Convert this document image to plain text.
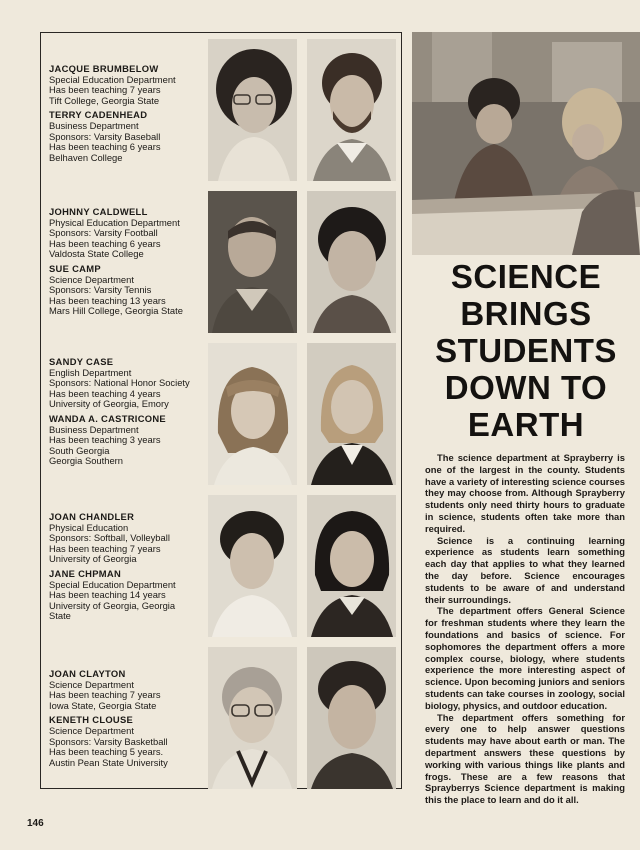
JACQUE BRUMBELOW
Special Education Department
Has been teaching 7 years
Tift College, Georgia State
TERRY CADENHEAD
Business Department
Sponsors: Varsity Baseball
Has been teaching 6 years
Belhaven College
JOHNNY CALDWELL
Physical Education Department
Sponsors: Varsity Football
Has been teaching 6 years
Valdosta State College
SUE CAMP
Science Department
Sponsors: Varsity Tennis
Has been teaching 13 years
Mars Hill College, Georgia State
SANDY CASE
English Department
Sponsors: National Honor Society
Has been teaching 4 years
University of Georgia, Emory
WANDA A. CASTRICONE
Business Department
Has been teaching 3 years
South Georgia
Georgia Southern
JOAN CHANDLER
Physical Education
Sponsors: Softball, Volleyball
Has been teaching 7 years
University of Georgia
JANE CHPMAN
Special Education Department
Has been teaching 14 years
University of Georgia, Georgia
State
JOAN CLAYTON
Science Department
Has been teaching 7 years
Iowa State, Georgia State
KENETH CLOUSE
Science Department
Sponsors: Varsity Basketball
Has been teaching 5 years.
Austin Pean State University
SCIENCE
BRINGS
STUDENTS
DOWN TO
EARTH

The science department at Sprayberry is one of the largest in the county. Students have a variety of interesting science courses they may choose from. Although Sprayberry students only need thirty hours to graduate in science, students often take more than required.

Science is a continuing learning experience as students learn something each day that applies to what they learned the day before. Science encourages students to be aware of and understand their surroundings.

The department offers General Science for freshman students where they learn the foundations and basics of science. For sophomores the department offers a more complex course, biology, where students experience the more interesting aspect of science. Upon becoming juniors and seniors students can take courses in zoology, social biology, physics, and outdoor education.

The department offers something for every one to help answer questions students may have about earth or man. The department answers these questions by working with various things like plants and frogs. These are a few reasons that Sprayberrys Science department is making this the place to learn and do it all.

146
